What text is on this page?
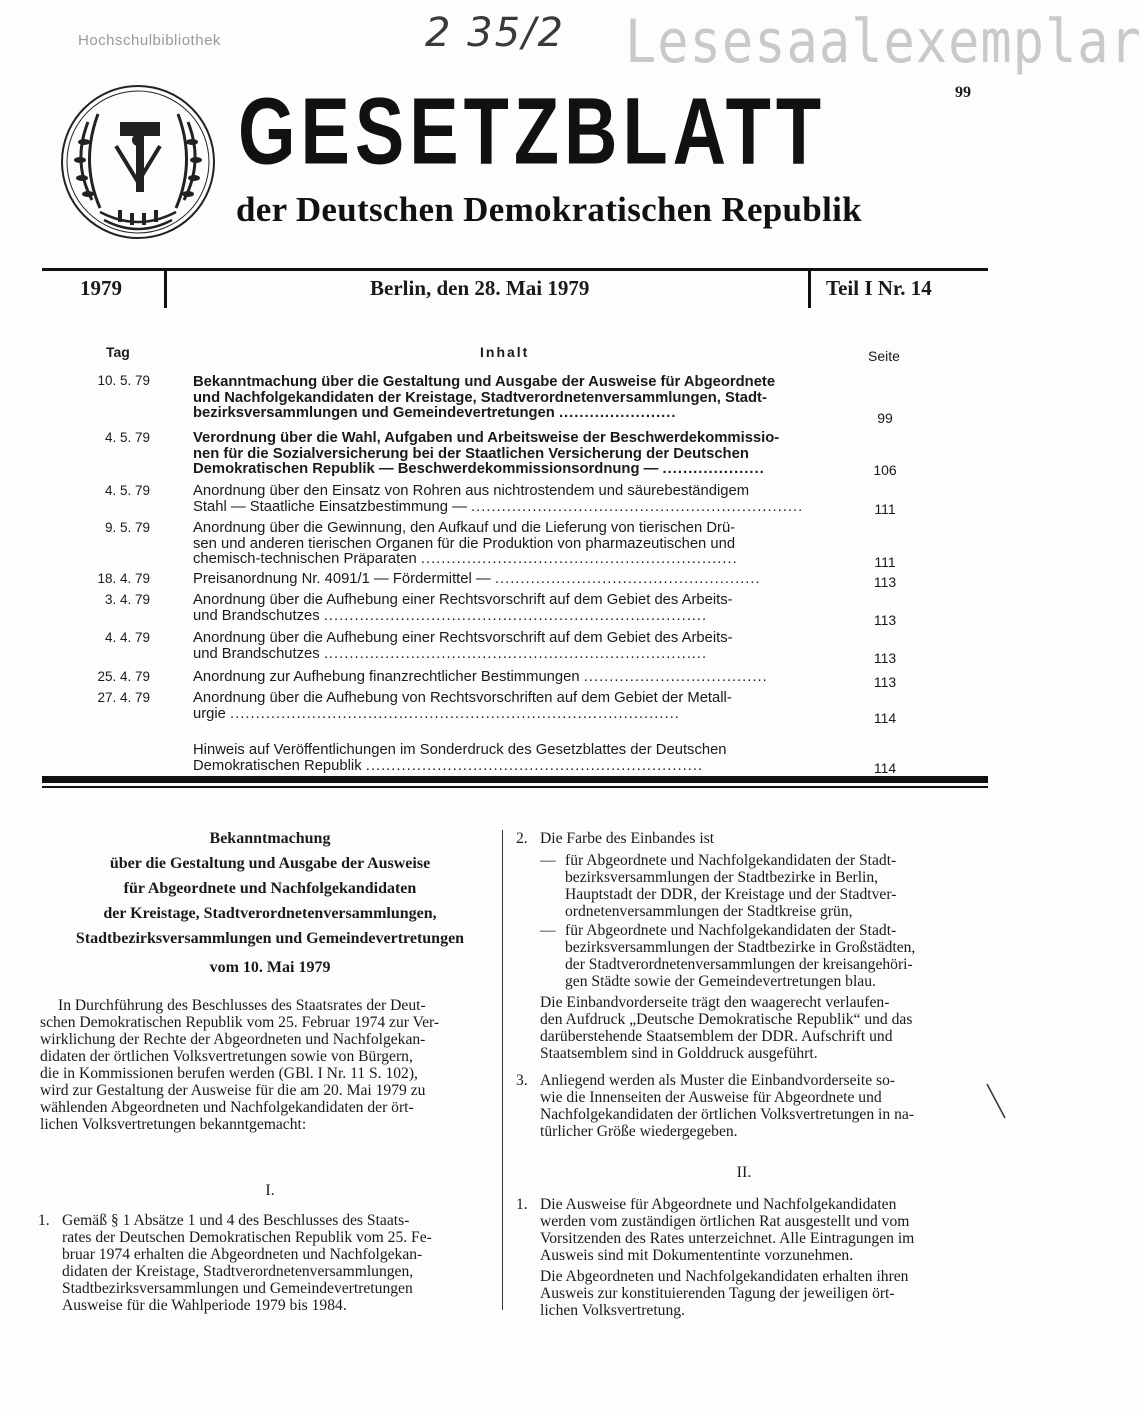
Hochschulbibliothek	2 35/2 Lesesaalexemplar
99
GESETZBLATT
der Deutschen Demokratischen Republik
1979	Berlin, den 28. Mai 1979	Teil I Nr. 14
Tag	Inhalt	Seite
10. 5. 79	Bekanntmachung über die Gestaltung und Ausgabe der Ausweise für Abgeordnete
und Nachfolgekandidaten der Kreistage, Stadtverordnetenversammlungen, Stadt-
bezirksversammlungen und Gemeindevertretungen .......................	99
4. 5. 79	Verordnung über die Wahl, Aufgaben und Arbeitsweise der Beschwerdekommissio-
nen für die Sozialversicherung bei der Staatlichen Versicherung der Deutschen
Demokratischen Republik — Beschwerdekommissionsordnung — ....................	106
4. 5. 79	Anordnung über den Einsatz von Rohren aus nichtrostendem und säurebeständigem
Stahl — Staatliche Einsatzbestimmung — .................................................................	111
9. 5. 79	Anordnung über die Gewinnung, den Aufkauf und die Lieferung von tierischen Drü-
sen und anderen tierischen Organen für die Produktion von pharmazeutischen und
chemisch-technischen Präparaten ..............................................................	111
18. 4. 79	Preisanordnung Nr. 4091/1 — Fördermittel — ....................................................	113
3. 4. 79	Anordnung über die Aufhebung einer Rechtsvorschrift auf dem Gebiet des Arbeits-
und Brandschutzes ...........................................................................	113
4. 4. 79	Anordnung über die Aufhebung einer Rechtsvorschrift auf dem Gebiet des Arbeits-
und Brandschutzes ...........................................................................	113
25. 4. 79	Anordnung zur Aufhebung finanzrechtlicher Bestimmungen ....................................	113
27. 4. 79	Anordnung über die Aufhebung von Rechtsvorschriften auf dem Gebiet der Metall-
urgie ........................................................................................	114
Hinweis auf Veröffentlichungen im Sonderdruck des Gesetzblattes der Deutschen
Demokratischen Republik ..................................................................	114
Bekanntmachung
über die Gestaltung und Ausgabe der Ausweise
für Abgeordnete und Nachfolgekandidaten
der Kreistage, Stadtverordnetenversammlungen,
Stadtbezirksversammlungen und Gemeindevertretungen
vom 10. Mai 1979
In Durchführung des Beschlusses des Staatsrates der Deut-
schen Demokratischen Republik vom 25. Februar 1974 zur Ver-
wirklichung der Rechte der Abgeordneten und Nachfolgekan-
didaten der örtlichen Volksvertretungen sowie von Bürgern,
die in Kommissionen berufen werden (GBl. I Nr. 11 S. 102),
wird zur Gestaltung der Ausweise für die am 20. Mai 1979 zu
wählenden Abgeordneten und Nachfolgekandidaten der ört-
lichen Volksvertretungen bekanntgemacht:
I.
1. Gemäß § 1 Absätze 1 und 4 des Beschlusses des Staats-
rates der Deutschen Demokratischen Republik vom 25. Fe-
bruar 1974 erhalten die Abgeordneten und Nachfolgekan-
didaten der Kreistage, Stadtverordnetenversammlungen,
Stadtbezirksversammlungen und Gemeindevertretungen
Ausweise für die Wahlperiode 1979 bis 1984.
2. Die Farbe des Einbandes ist
— für Abgeordnete und Nachfolgekandidaten der Stadt-
bezirksversammlungen der Stadtbezirke in Berlin,
Hauptstadt der DDR, der Kreistage und der Stadtver-
ordnetenversammlungen der Stadtkreise grün,
— für Abgeordnete und Nachfolgekandidaten der Stadt-
bezirksversammlungen der Stadtbezirke in Großstädten,
der Stadtverordnetenversammlungen der kreisangehöri-
gen Städte sowie der Gemeindevertretungen blau.
Die Einbandvorderseite trägt den waagerecht verlaufen-
den Aufdruck „Deutsche Demokratische Republik“ und das
darüberstehende Staatsemblem der DDR. Aufschrift und
Staatsemblem sind in Golddruck ausgeführt.
3. Anliegend werden als Muster die Einbandvorderseite so-
wie die Innenseiten der Ausweise für Abgeordnete und
Nachfolgekandidaten der örtlichen Volksvertretungen in na-
türlicher Größe wiedergegeben.
II.
1. Die Ausweise für Abgeordnete und Nachfolgekandidaten
werden vom zuständigen örtlichen Rat ausgestellt und vom
Vorsitzenden des Rates unterzeichnet. Alle Eintragungen im
Ausweis sind mit Dokumententinte vorzunehmen.
Die Abgeordneten und Nachfolgekandidaten erhalten ihren
Ausweis zur konstituierenden Tagung der jeweiligen ört-
lichen Volksvertretung.
